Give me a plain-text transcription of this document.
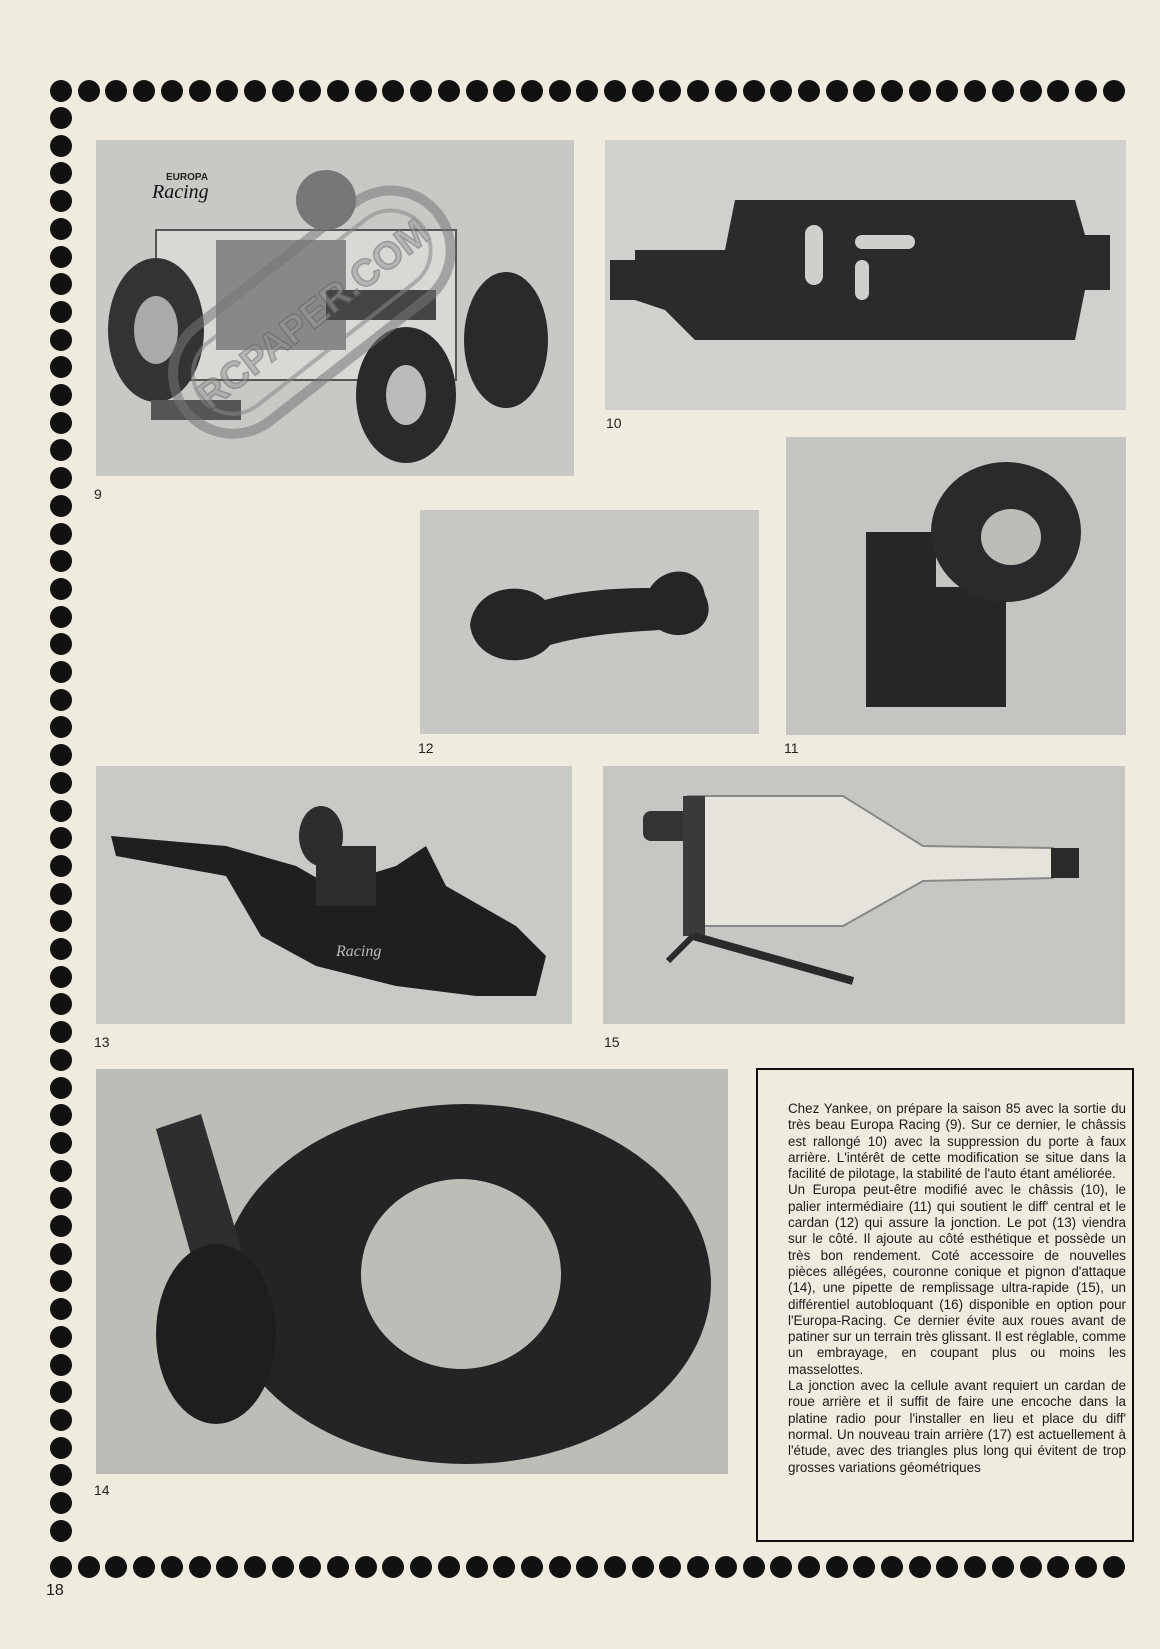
EUROPA
Racing
9
RCPAPER.COM
10
11
12
Racing
13	15
14

Chez Yankee, on prépare la saison 85 avec la sortie du très beau Europa Racing (9). Sur ce dernier, le châssis est rallongé 10) avec la suppression du porte à faux arrière. L'intérêt de cette modification se situe dans la facilité de pilotage, la stabilité de l'auto étant améliorée.
Un Europa peut-être modifié avec le châssis (10), le palier intermédiaire (11) qui soutient le diff' central et le cardan (12) qui assure la jonction. Le pot (13) viendra sur le côté. Il ajoute au côté esthétique et possède un très bon rendement. Coté accessoire de nouvelles pièces allégées, couronne conique et pignon d'attaque (14), une pipette de remplissage ultra-rapide (15), un différentiel autobloquant (16) disponible en option pour l'Europa-Racing. Ce dernier évite aux roues avant de patiner sur un terrain très glissant. Il est réglable, comme un embrayage, en coupant plus ou moins les masselottes.
La jonction avec la cellule avant requiert un cardan de roue arrière et il suffit de faire une encoche dans la platine radio pour l'installer en lieu et place du diff' normal. Un nouveau train arrière (17) est actuellement à l'étude, avec des triangles plus long qui évitent de trop grosses variations géométriques

18
